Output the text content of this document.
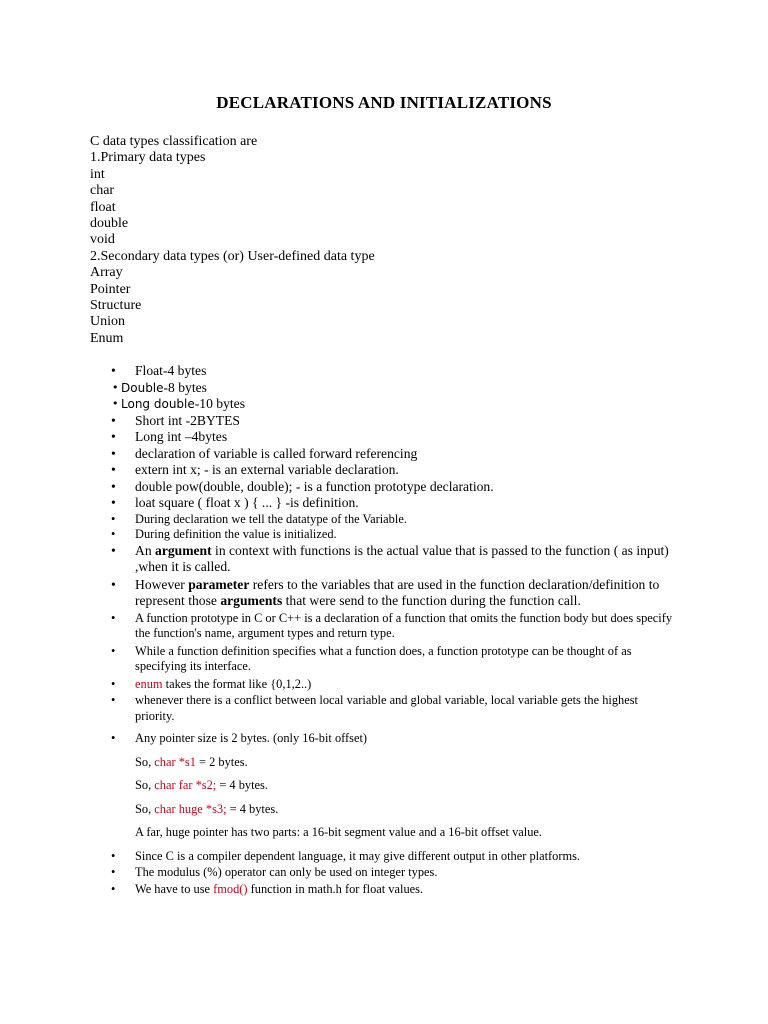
DECLARATIONS AND INITIALIZATIONS
C data types classification are
1.Primary data types
int
char
float
double
void
2.Secondary data types (or) User-defined data type
Array
Pointer
Structure
Union
Enum
• Float-4 bytes
• Double-8 bytes
• Long double-10 bytes
• Short int -2BYTES
• Long int –4bytes
• declaration of variable is called forward referencing
• extern int x; - is an external variable declaration.
• double pow(double, double); - is a function prototype declaration.
• loat square ( float x ) { ... } -is definition.
• During declaration we tell the datatype of the Variable.
• During definition the value is initialized.
• An argument in context with functions is the actual value that is passed to the function ( as input) ,when it is called.
• However parameter refers to the variables that are used in the function declaration/definition to represent those arguments that were send to the function during the function call.
• A function prototype in C or C++ is a declaration of a function that omits the function body but does specify the function's name, argument types and return type.
• While a function definition specifies what a function does, a function prototype can be thought of as specifying its interface.
• enum takes the format like {0,1,2..)
• whenever there is a conflict between local variable and global variable, local variable gets the highest priority.
• Any pointer size is 2 bytes. (only 16-bit offset)
So, char *s1 = 2 bytes.
So, char far *s2; = 4 bytes.
So, char huge *s3; = 4 bytes.
A far, huge pointer has two parts: a 16-bit segment value and a 16-bit offset value.
• Since C is a compiler dependent language, it may give different output in other platforms.
• The modulus (%) operator can only be used on integer types.
• We have to use fmod() function in math.h for float values.
